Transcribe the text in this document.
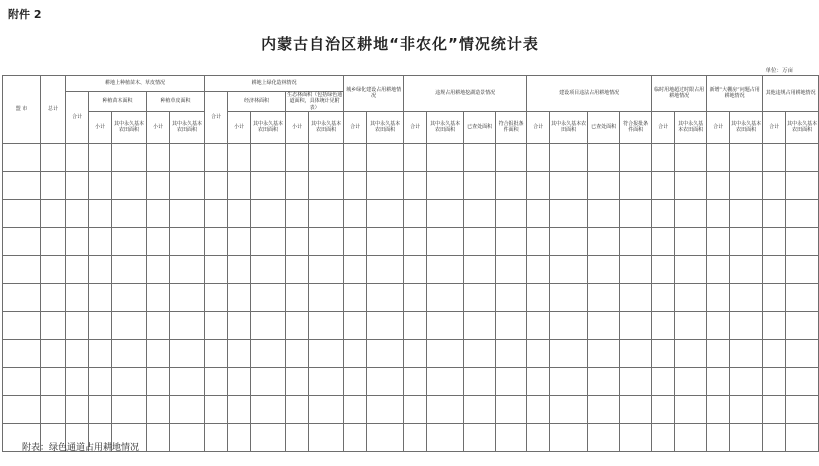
附件 2
内蒙古自治区耕地“非农化”情况统计表
单位：万亩
盟 市	总计	耕地上种植苗木、草皮情况					耕地上绿化造林情况					城乡绿化建设占用耕地情况		违规占用耕地挖湖造景情况				建设项目违法占用耕地情况				临时用地超过时限占用耕地情况		新增“大棚房”问题占用耕地情况		其他违规占用耕地情况	
		合计	种植苗木面积		种植草皮面积		合计	经济林面积		生态林面积（包括绿色通道面积，具体统计见附表）																	
			小计	其中永久基本农田面积	小计	其中永久基本农田面积		小计	其中永久基本农田面积	小计	其中永久基本农田面积	合计	其中永久基本农田面积	合计	其中永久基本农田面积	已查处面积	符合报批条件面积	合计	其中永久基本农田面积	已查处面积	符合报批条件面积	合计	其中永久基本农田面积	合计	其中永久基本农田面积	合计	其中永久基本农田面积

附表：绿色通道占用耕地情况
